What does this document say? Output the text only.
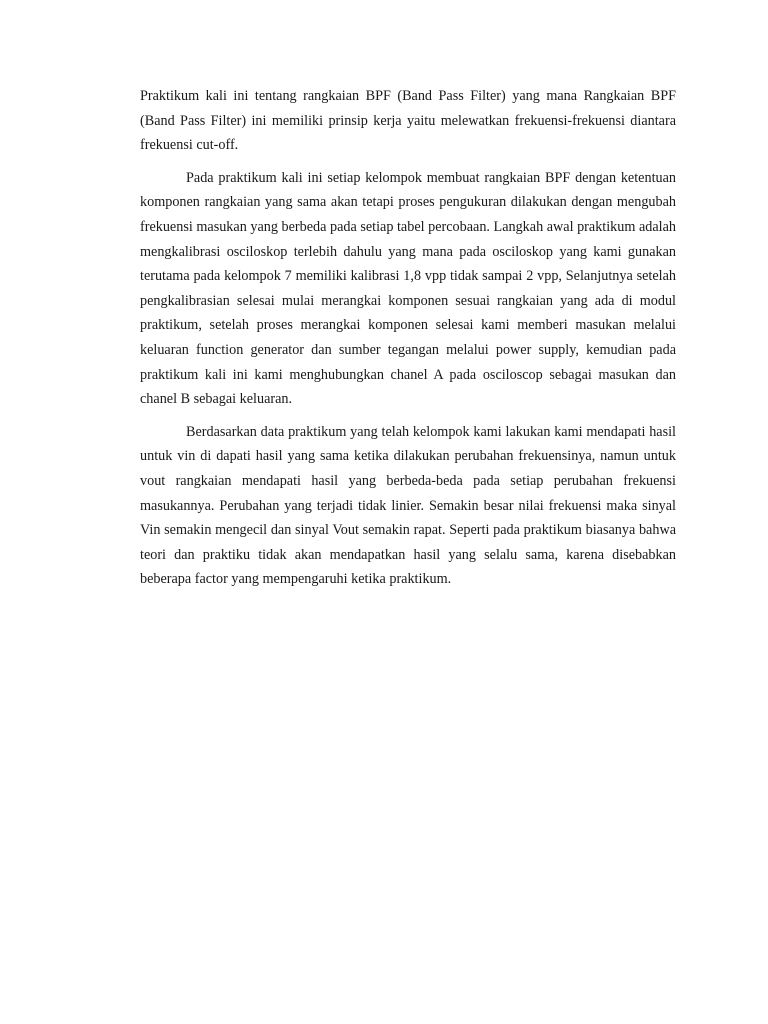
Praktikum kali ini tentang rangkaian BPF (Band Pass Filter) yang mana Rangkaian BPF (Band Pass Filter) ini memiliki prinsip kerja yaitu melewatkan frekuensi-frekuensi diantara frekuensi cut-off.

Pada praktikum kali ini setiap kelompok membuat rangkaian BPF dengan ketentuan komponen rangkaian yang sama akan tetapi proses pengukuran dilakukan dengan mengubah frekuensi masukan yang berbeda pada setiap tabel percobaan. Langkah awal praktikum adalah mengkalibrasi osciloskop terlebih dahulu yang mana pada osciloskop yang kami gunakan terutama pada kelompok 7 memiliki kalibrasi 1,8 vpp tidak sampai 2 vpp, Selanjutnya setelah pengkalibrasian selesai mulai merangkai komponen sesuai rangkaian yang ada di modul praktikum, setelah proses merangkai komponen selesai kami memberi masukan melalui keluaran function generator dan sumber tegangan melalui power supply, kemudian pada praktikum kali ini kami menghubungkan chanel A pada osciloscop sebagai masukan dan chanel B sebagai keluaran.

Berdasarkan data praktikum yang telah kelompok kami lakukan kami mendapati hasil untuk vin di dapati hasil yang sama ketika dilakukan perubahan frekuensinya, namun untuk vout rangkaian mendapati hasil yang berbeda-beda pada setiap perubahan frekuensi masukannya. Perubahan yang terjadi tidak linier. Semakin besar nilai frekuensi maka sinyal Vin semakin mengecil dan sinyal Vout semakin rapat. Seperti pada praktikum biasanya bahwa teori dan praktiku tidak akan mendapatkan hasil yang selalu sama, karena disebabkan beberapa factor yang mempengaruhi ketika praktikum.
